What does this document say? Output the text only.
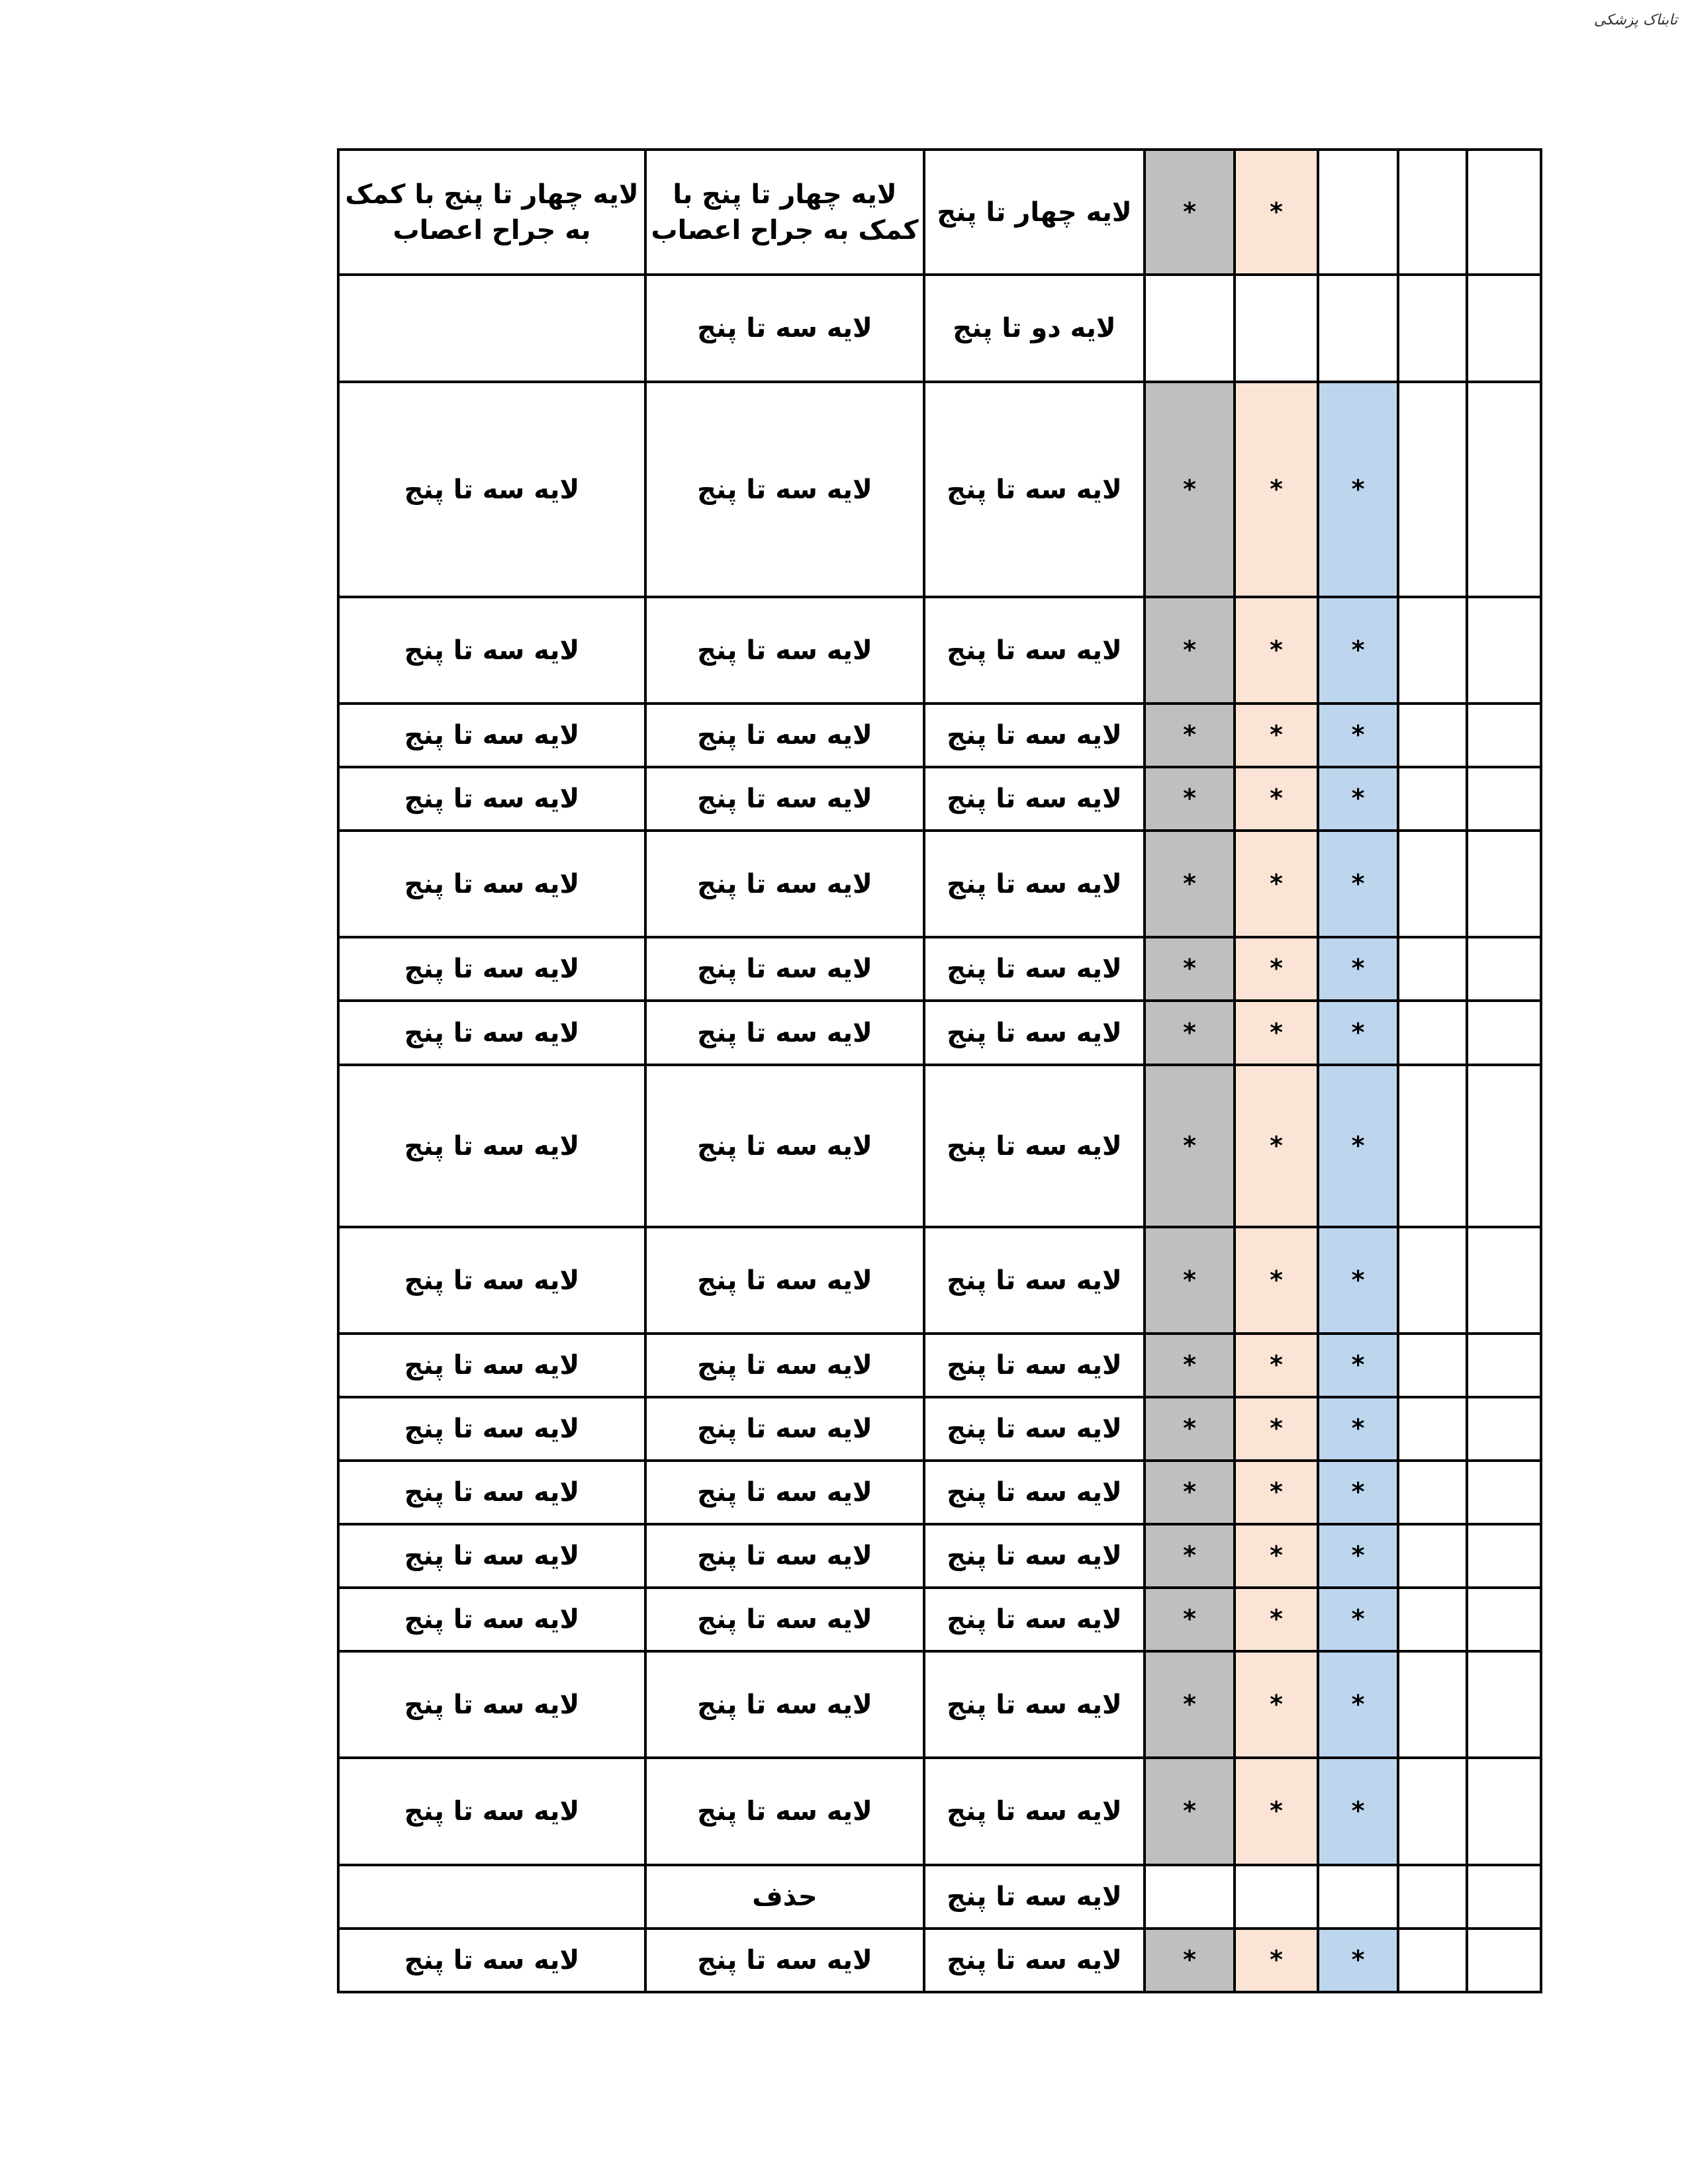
تابناک پزشکی
لایه چهار تا پنج با کمک به جراح اعصاب	لایه چهار تا پنج با کمک به جراح اعصاب	لایه چهار تا پنج	*	*			
	لایه سه تا پنج	لایه دو تا پنج					
لایه سه تا پنج	لایه سه تا پنج	لایه سه تا پنج	*	*	*		
لایه سه تا پنج	لایه سه تا پنج	لایه سه تا پنج	*	*	*		
لایه سه تا پنج	لایه سه تا پنج	لایه سه تا پنج	*	*	*		
لایه سه تا پنج	لایه سه تا پنج	لایه سه تا پنج	*	*	*		
لایه سه تا پنج	لایه سه تا پنج	لایه سه تا پنج	*	*	*		
لایه سه تا پنج	لایه سه تا پنج	لایه سه تا پنج	*	*	*		
لایه سه تا پنج	لایه سه تا پنج	لایه سه تا پنج	*	*	*		
لایه سه تا پنج	لایه سه تا پنج	لایه سه تا پنج	*	*	*		
لایه سه تا پنج	لایه سه تا پنج	لایه سه تا پنج	*	*	*		
لایه سه تا پنج	لایه سه تا پنج	لایه سه تا پنج	*	*	*		
لایه سه تا پنج	لایه سه تا پنج	لایه سه تا پنج	*	*	*		
لایه سه تا پنج	لایه سه تا پنج	لایه سه تا پنج	*	*	*		
لایه سه تا پنج	لایه سه تا پنج	لایه سه تا پنج	*	*	*		
لایه سه تا پنج	لایه سه تا پنج	لایه سه تا پنج	*	*	*		
لایه سه تا پنج	لایه سه تا پنج	لایه سه تا پنج	*	*	*		
لایه سه تا پنج	لایه سه تا پنج	لایه سه تا پنج	*	*	*		
	حذف	لایه سه تا پنج					
لایه سه تا پنج	لایه سه تا پنج	لایه سه تا پنج	*	*	*		
